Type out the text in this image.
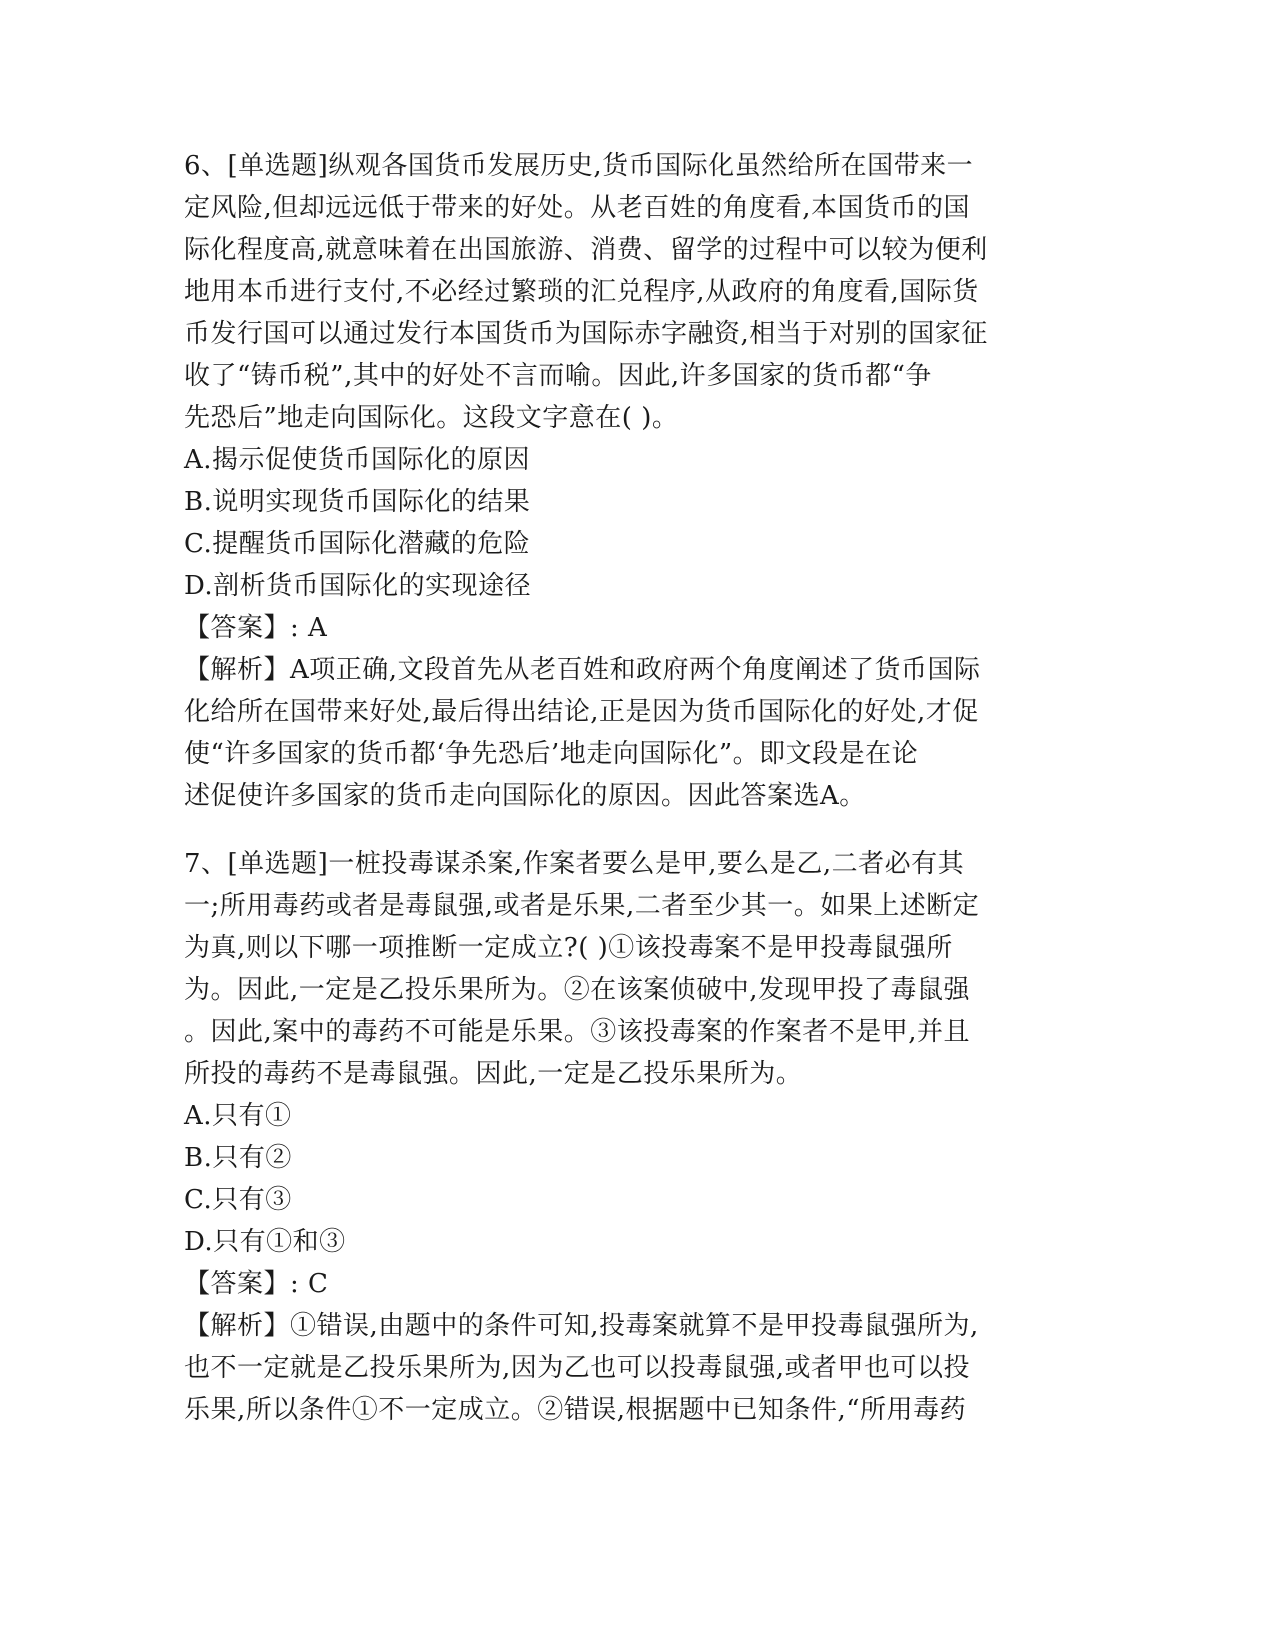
6、[单选题]纵观各国货币发展历史,货币国际化虽然给所在国带来一
定风险,但却远远低于带来的好处。从老百姓的角度看,本国货币的国
际化程度高,就意味着在出国旅游、消费、留学的过程中可以较为便利
地用本币进行支付,不必经过繁琐的汇兑程序,从政府的角度看,国际货
币发行国可以通过发行本国货币为国际赤字融资,相当于对别的国家征
收了“铸币税”,其中的好处不言而喻。因此,许多国家的货币都“争
先恐后”地走向国际化。这段文字意在( )。
A.揭示促使货币国际化的原因
B.说明实现货币国际化的结果
C.提醒货币国际化潜藏的危险
D.剖析货币国际化的实现途径
【答案】: A
【解析】A项正确,文段首先从老百姓和政府两个角度阐述了货币国际
化给所在国带来好处,最后得出结论,正是因为货币国际化的好处,才促
使“许多国家的货币都‘争先恐后’地走向国际化”。即文段是在论
述促使许多国家的货币走向国际化的原因。因此答案选A。
7、[单选题]一桩投毒谋杀案,作案者要么是甲,要么是乙,二者必有其
一;所用毒药或者是毒鼠强,或者是乐果,二者至少其一。如果上述断定
为真,则以下哪一项推断一定成立?( )①该投毒案不是甲投毒鼠强所
为。因此,一定是乙投乐果所为。②在该案侦破中,发现甲投了毒鼠强
。因此,案中的毒药不可能是乐果。③该投毒案的作案者不是甲,并且
所投的毒药不是毒鼠强。因此,一定是乙投乐果所为。
A.只有①
B.只有②
C.只有③
D.只有①和③
【答案】: C
【解析】①错误,由题中的条件可知,投毒案就算不是甲投毒鼠强所为,
也不一定就是乙投乐果所为,因为乙也可以投毒鼠强,或者甲也可以投
乐果,所以条件①不一定成立。②错误,根据题中已知条件,“所用毒药
